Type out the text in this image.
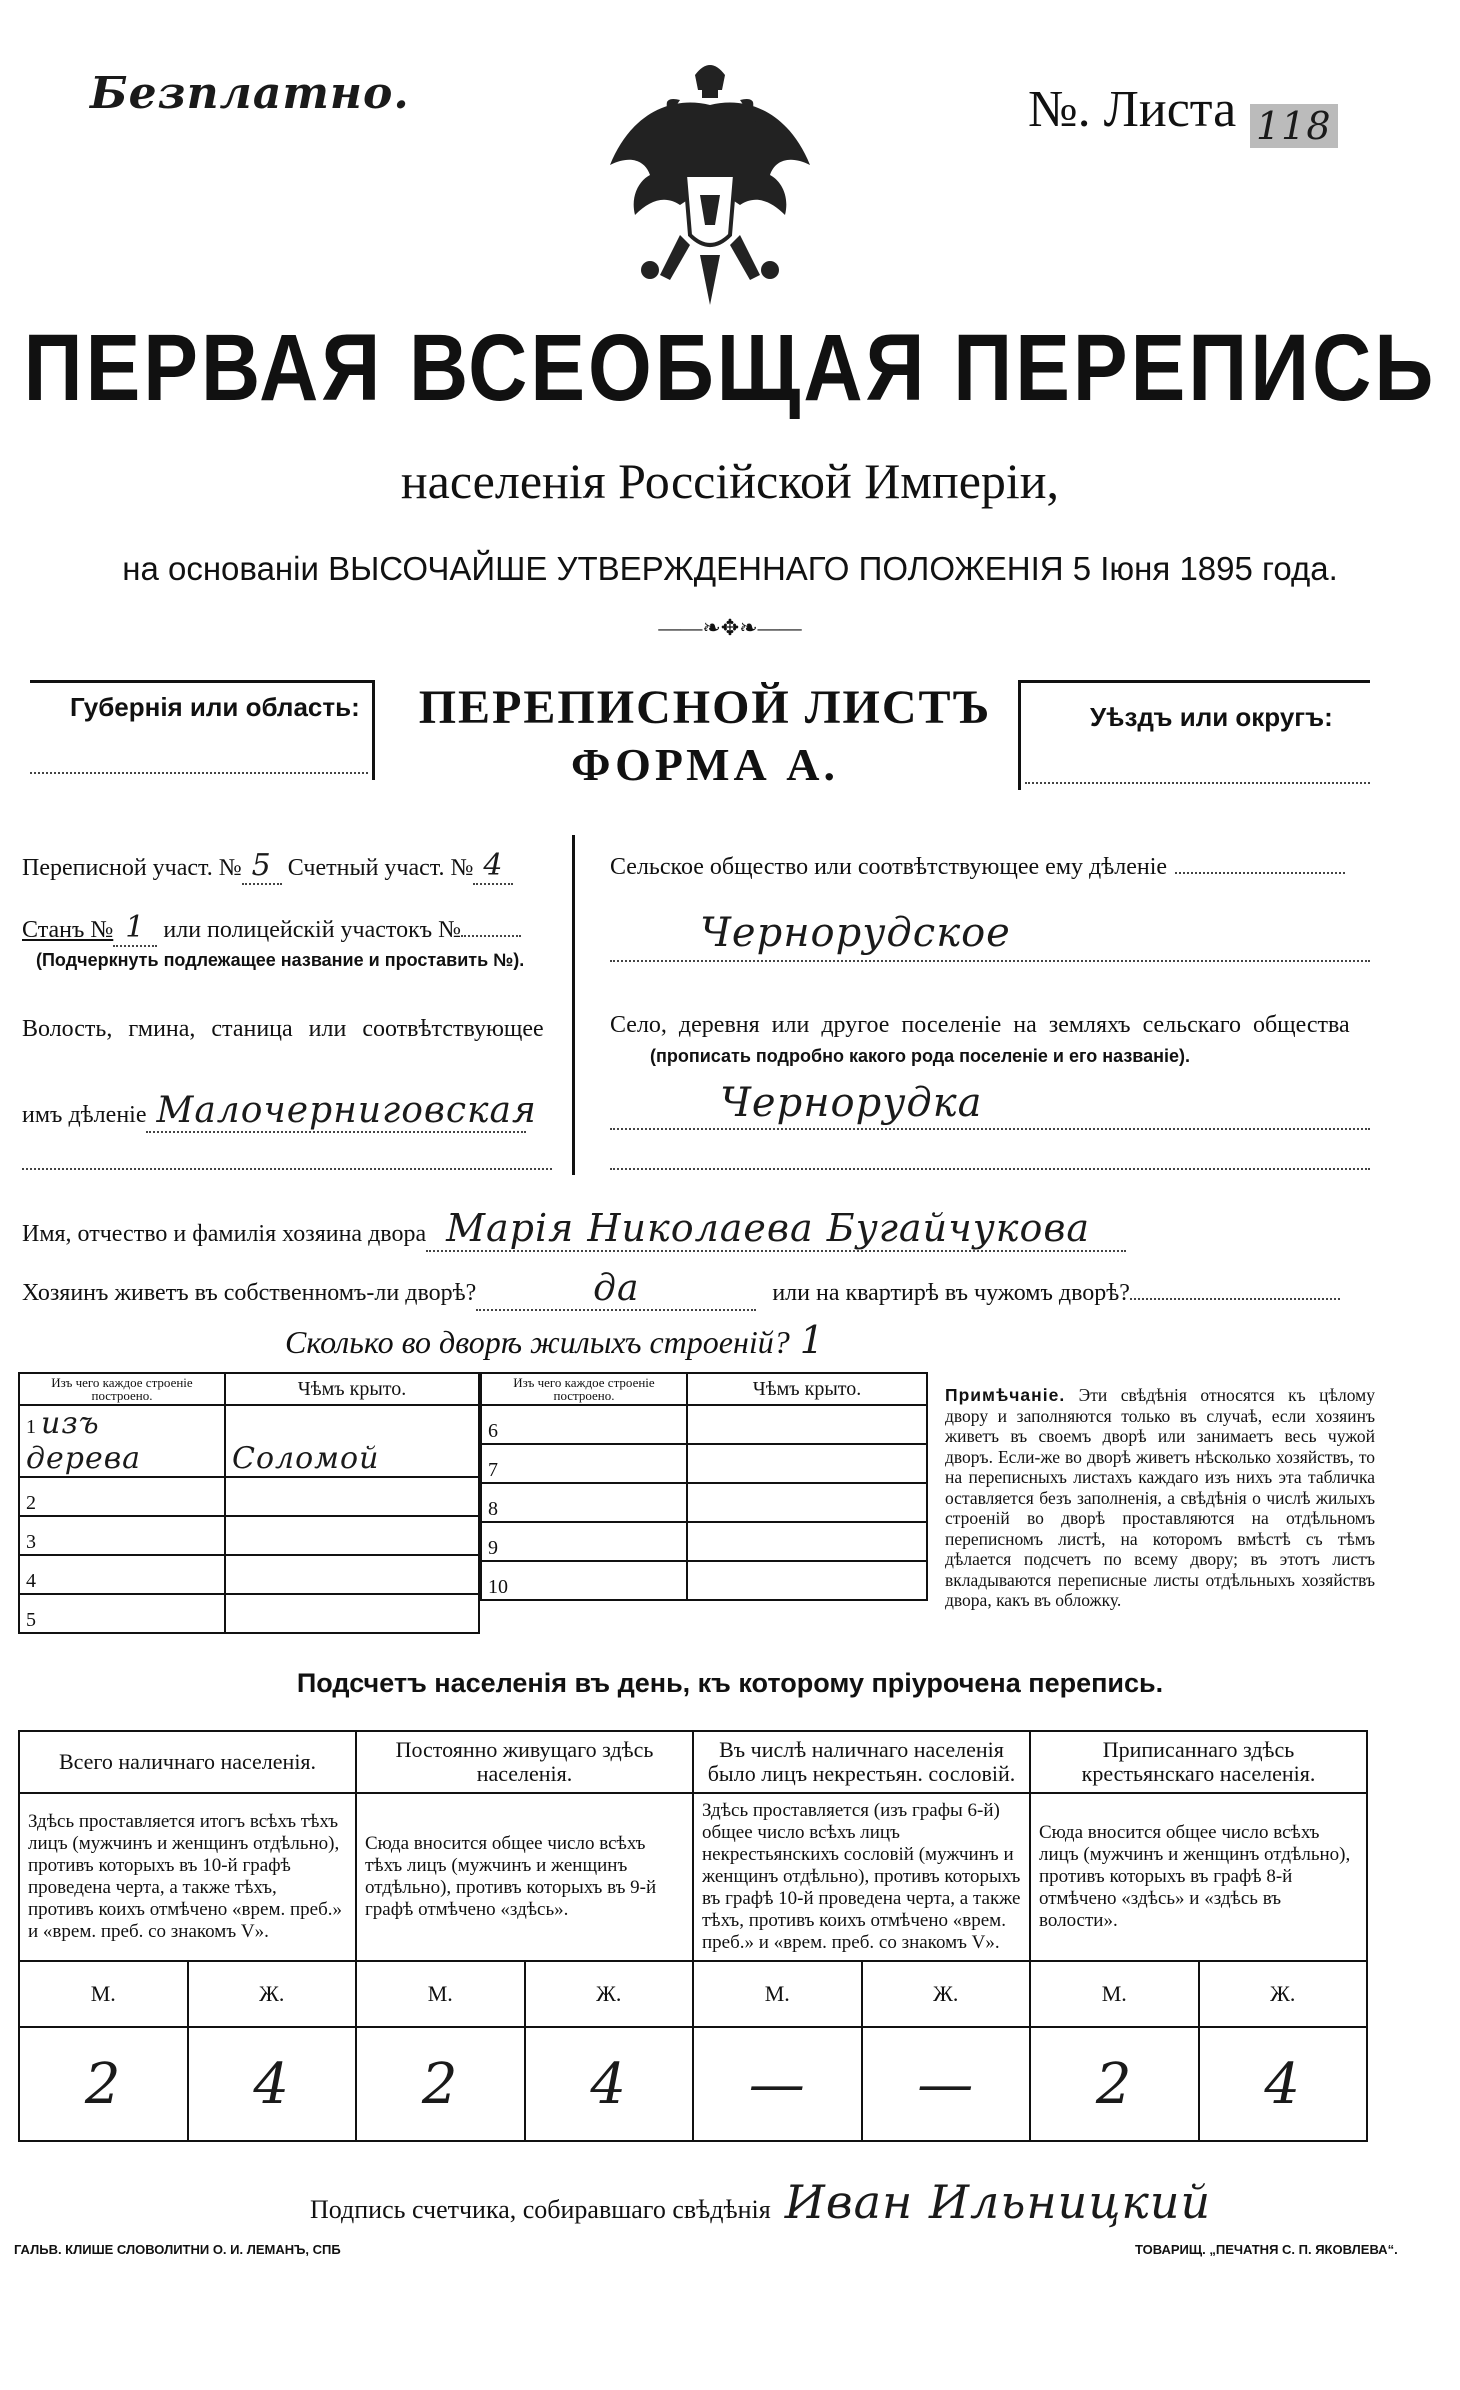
Безплатно.	№. Листа 118
ПЕРВАЯ ВСЕОБЩАЯ ПЕРЕПИСЬ
населенія Россійской Имперіи,
на основаніи ВЫСОЧАЙШЕ УТВЕРЖДЕННАГО ПОЛОЖЕНІЯ 5 Іюня 1895 года.
——❧✥❧——
Губернія или область:	ПЕРЕПИСНОЙ ЛИСТЪ
ФОРМА А.
Уѣздъ или округъ:
Переписной участ. № 5 Счетный участ. № 4
Станъ № 1 или полицейскій участокъ №
(Подчеркнуть подлежащее название и проставить №).
Волость, гмина, станица или соотвѣтствующее
имъ дѣленіе Малочерниговская
Сельское общество или соотвѣтствующее ему дѣленіе
Чернорудское
Село, деревня или другое поселеніе на земляхъ сельскаго общества
(прописать подробно какого рода поселеніе и его названіе).
Чернорудка
Имя, отчество и фамилія хозяина двора Марія Николаева Бугайчукова
Хозяинъ живетъ въ собственномъ-ли дворѣ?	да	или на квартирѣ въ чужомъ дворѣ?
Сколько во дворѣ жилыхъ строеній? 1
Изъ чего каждое строеніе построено.	Чѣмъ крыто.
1 изъ дерева	Соломой
2	
3	
4	
5	
Изъ чего каждое строеніе построено.	Чѣмъ крыто.
6	
7	
8	
9	
10	
Примѣчаніе. Эти свѣдѣнія относятся къ цѣлому двору и заполняются только въ случаѣ, если хозяинъ живетъ въ своемъ дворѣ или занимаетъ весь чужой дворъ. Если-же во дворѣ живетъ нѣсколько хозяйствъ, то на переписныхъ листахъ каждаго изъ нихъ эта табличка оставляется безъ заполненія, а свѣдѣнія о числѣ жилыхъ строеній во дворѣ проставляются на отдѣльномъ переписномъ листѣ, на которомъ вмѣстѣ съ тѣмъ дѣлается подсчетъ по всему двору; въ этотъ листъ вкладываются переписные листы отдѣльныхъ хозяйствъ двора, какъ въ обложку.
Подсчетъ населенія въ день, къ которому пріурочена перепись.
Всего наличнаго населенія.		Постоянно живущаго здѣсь населенія.		Въ числѣ наличнаго населенія было лицъ некрестьян. сословій.		Приписаннаго здѣсь крестьянскаго населенія.	
Здѣсь проставляется итогъ всѣхъ тѣхъ лицъ (мужчинъ и женщинъ отдѣльно), противъ которыхъ въ 10-й графѣ проведена черта, а также тѣхъ, противъ коихъ отмѣчено «врем. преб.» и «врем. преб. со знакомъ V».		Сюда вносится общее число всѣхъ тѣхъ лицъ (мужчинъ и женщинъ отдѣльно), противъ которыхъ въ 9-й графѣ отмѣчено «здѣсь».		Здѣсь проставляется (изъ графы 6-й) общее число всѣхъ лицъ некрестьянскихъ сословій (мужчинъ и женщинъ отдѣльно), противъ которыхъ въ графѣ 10-й проведена черта, а также тѣхъ, противъ коихъ отмѣчено «врем. преб.» и «врем. преб. со знакомъ V».		Сюда вносится общее число всѣхъ лицъ (мужчинъ и женщинъ отдѣльно), противъ которыхъ въ графѣ 8-й отмѣчено «здѣсь» и «здѣсь въ волости».	
М.	Ж.	М.	Ж.	М.	Ж.	М.	Ж.
2	4	2	4	—	—	2	4
Подпись счетчика, собиравшаго свѣдѣнія Иван Ильницкий
ГАЛЬВ. КЛИШЕ СЛОВОЛИТНИ О. И. ЛЕМАНЪ, СПБ	ТОВАРИЩ. „ПЕЧАТНЯ С. П. ЯКОВЛЕВА“.
